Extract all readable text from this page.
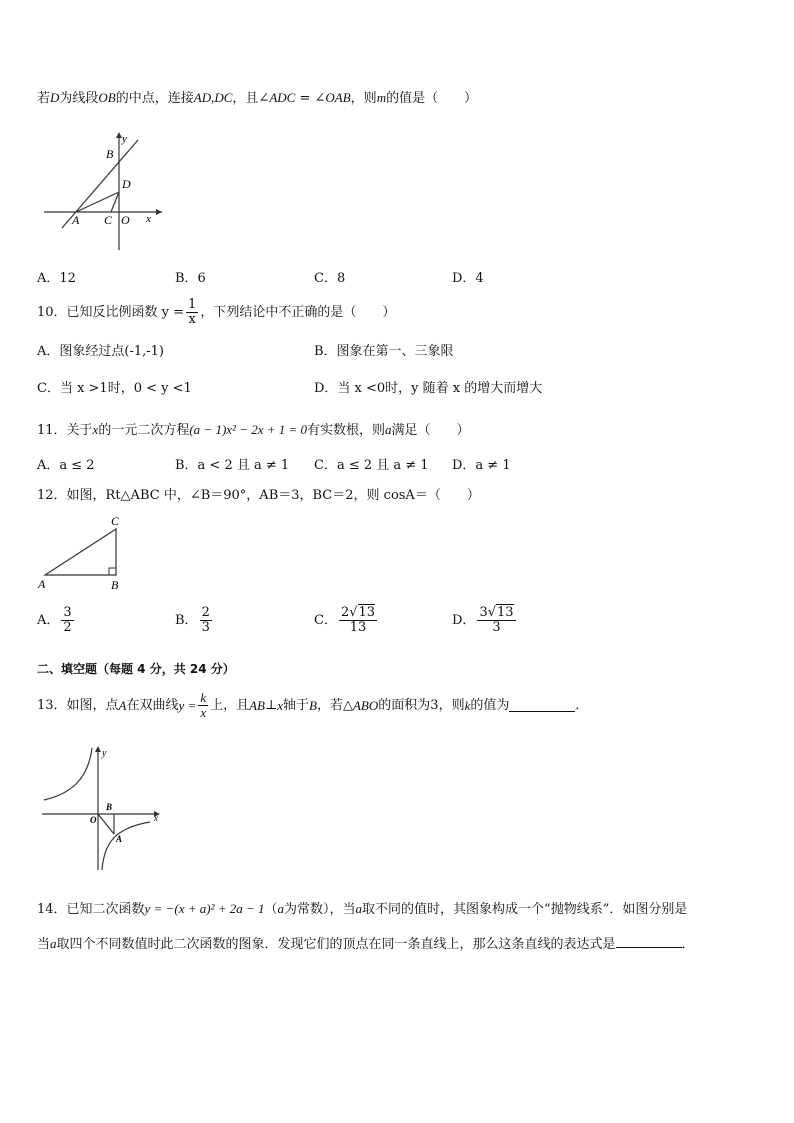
若D为线段OB的中点，连接AD,DC，且∠ADC = ∠OAB，则m的值是（　　）
y
B
D
A C O x
A．12	B．6	C．8	D．4
10．已知反比例函数 $y = \frac{1}{x}$ ，下列结论中不正确的是（　　）
A．图象经过点(-1,-1)	B．图象在第一、三象限
C．当 x >1时，0 < y <1	D．当 x <0时，y 随着 x 的增大而增大
11．关于x的一元二次方程(a − 1)x² − 2x + 1 = 0有实数根，则a满足（　　）
A．a ≤ 2	B．a < 2 且 a ≠ 1 C．a ≤ 2 且 a ≠ 1 D．a ≠ 1
12．如图，Rt△ABC 中，∠B＝90°，AB＝3，BC＝2，则 cosA＝（　　）
C
A	B
A． $\frac{3}{2}$	B． $\frac{2}{3}$	C． $\frac{2√13}{13}$	D． $\frac{3√13}{3}$
二、填空题（每题 4 分，共 24 分）
13．如图，点 A 在双曲线 $y = \frac{k}{x}$ 上，且 AB ⊥ x 轴于 B ，若△ ABO 的面积为 3 ，则 k 的值为	．
y
B
O	x
A
14．已知二次函数y = −(x + a)² + 2a − 1（a为常数），当a取不同的值时，其图象构成一个“抛物线系”．如图分别是
当a取四个不同数值时此二次函数的图象．发现它们的顶点在同一条直线上，那么这条直线的表达式是	．
